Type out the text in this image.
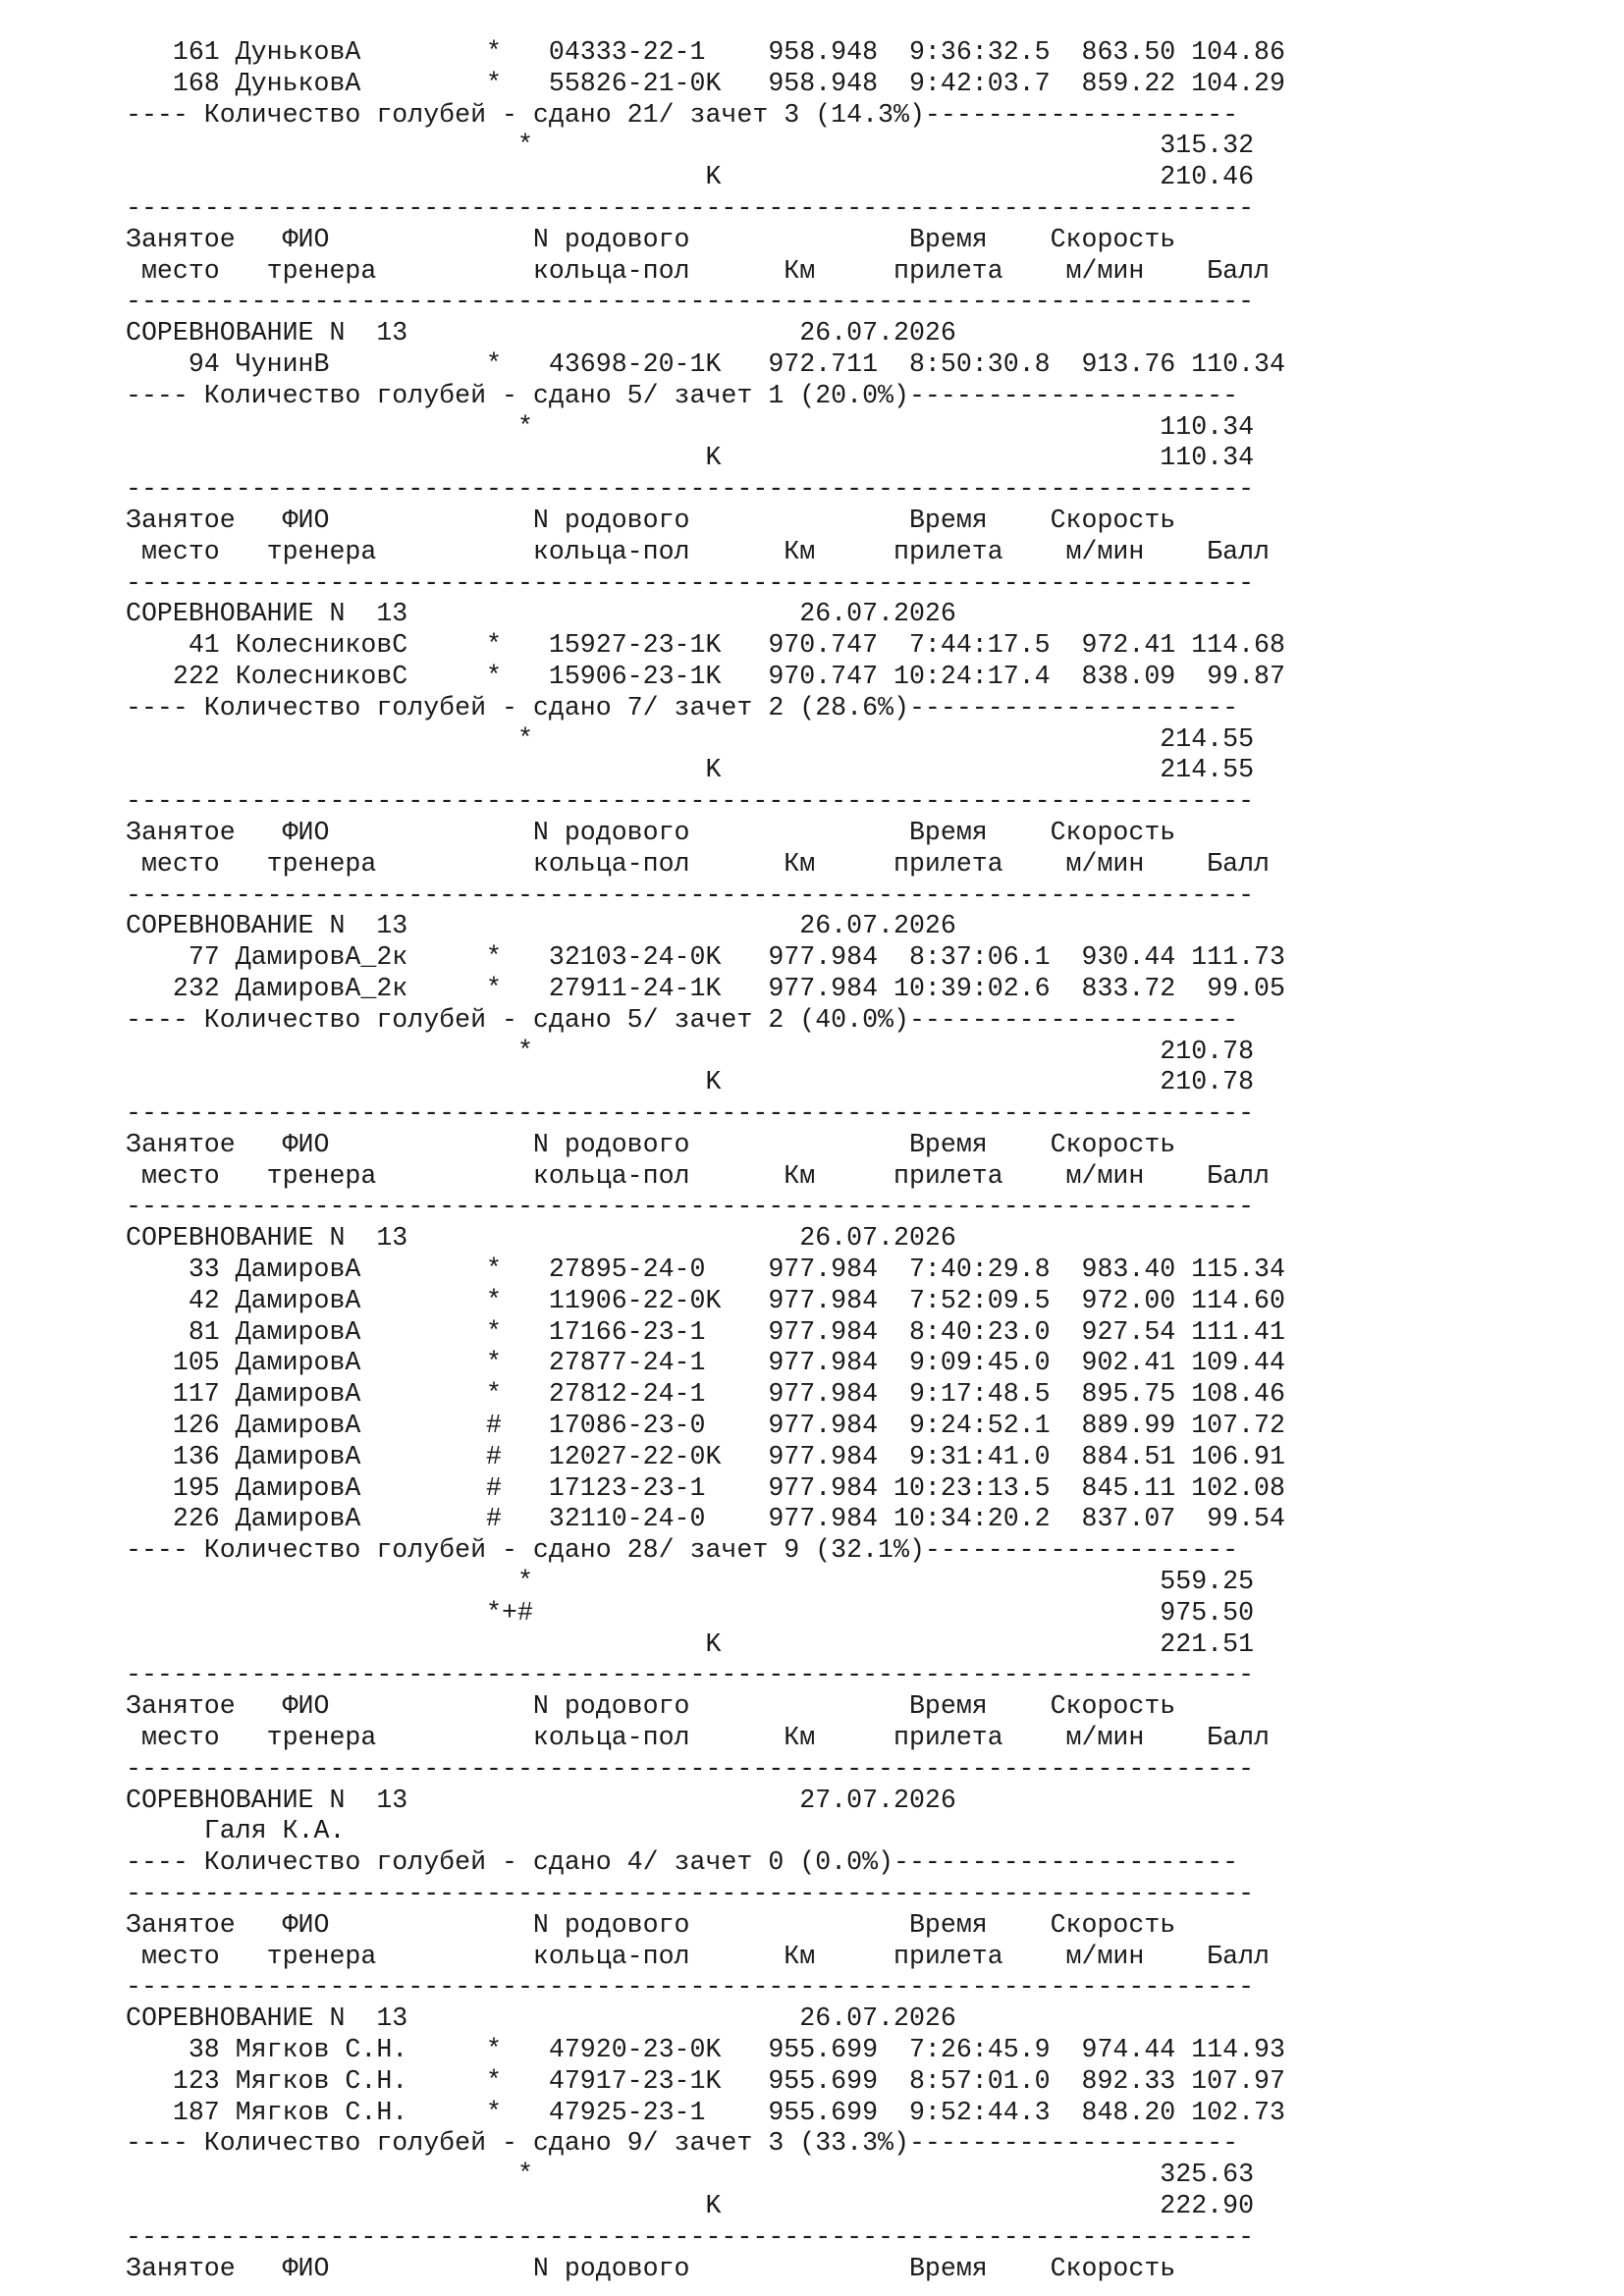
161 ДуньковА        *   04333-22-1    958.948  9:36:32.5  863.50 104.86
168 ДуньковА        *   55826-21-0K   958.948  9:42:03.7  859.22 104.29
---- Количество голубей - сдано 21/ зачет 3 (14.3%)--------------------
*                                        315.32
K                            210.46
------------------------------------------------------------------------
Занятое   ФИО             N родового              Время    Скорость
место   тренера          кольца-пол      Км     прилета    м/мин    Балл
------------------------------------------------------------------------
СОРЕВНОВАНИЕ N  13                         26.07.2026
94 ЧунинВ          *   43698-20-1K   972.711  8:50:30.8  913.76 110.34
---- Количество голубей - сдано 5/ зачет 1 (20.0%)---------------------
*                                        110.34
K                            110.34
------------------------------------------------------------------------
Занятое   ФИО             N родового              Время    Скорость
место   тренера          кольца-пол      Км     прилета    м/мин    Балл
------------------------------------------------------------------------
СОРЕВНОВАНИЕ N  13                         26.07.2026
41 КолесниковС     *   15927-23-1K   970.747  7:44:17.5  972.41 114.68
222 КолесниковС     *   15906-23-1K   970.747 10:24:17.4  838.09  99.87
---- Количество голубей - сдано 7/ зачет 2 (28.6%)---------------------
*                                        214.55
K                            214.55
------------------------------------------------------------------------
Занятое   ФИО             N родового              Время    Скорость
место   тренера          кольца-пол      Км     прилета    м/мин    Балл
------------------------------------------------------------------------
СОРЕВНОВАНИЕ N  13                         26.07.2026
77 ДамировА_2к     *   32103-24-0K   977.984  8:37:06.1  930.44 111.73
232 ДамировА_2к     *   27911-24-1K   977.984 10:39:02.6  833.72  99.05
---- Количество голубей - сдано 5/ зачет 2 (40.0%)---------------------
*                                        210.78
K                            210.78
------------------------------------------------------------------------
Занятое   ФИО             N родового              Время    Скорость
место   тренера          кольца-пол      Км     прилета    м/мин    Балл
------------------------------------------------------------------------
СОРЕВНОВАНИЕ N  13                         26.07.2026
33 ДамировА        *   27895-24-0    977.984  7:40:29.8  983.40 115.34
42 ДамировА        *   11906-22-0K   977.984  7:52:09.5  972.00 114.60
81 ДамировА        *   17166-23-1    977.984  8:40:23.0  927.54 111.41
105 ДамировА        *   27877-24-1    977.984  9:09:45.0  902.41 109.44
117 ДамировА        *   27812-24-1    977.984  9:17:48.5  895.75 108.46
126 ДамировА        #   17086-23-0    977.984  9:24:52.1  889.99 107.72
136 ДамировА        #   12027-22-0K   977.984  9:31:41.0  884.51 106.91
195 ДамировА        #   17123-23-1    977.984 10:23:13.5  845.11 102.08
226 ДамировА        #   32110-24-0    977.984 10:34:20.2  837.07  99.54
---- Количество голубей - сдано 28/ зачет 9 (32.1%)--------------------
*                                        559.25
*+#                                        975.50
K                            221.51
------------------------------------------------------------------------
Занятое   ФИО             N родового              Время    Скорость
место   тренера          кольца-пол      Км     прилета    м/мин    Балл
------------------------------------------------------------------------
СОРЕВНОВАНИЕ N  13                         27.07.2026
Галя К.А.
---- Количество голубей - сдано 4/ зачет 0 (0.0%)----------------------
------------------------------------------------------------------------
Занятое   ФИО             N родового              Время    Скорость
место   тренера          кольца-пол      Км     прилета    м/мин    Балл
------------------------------------------------------------------------
СОРЕВНОВАНИЕ N  13                         26.07.2026
38 Мягков С.Н.     *   47920-23-0K   955.699  7:26:45.9  974.44 114.93
123 Мягков С.Н.     *   47917-23-1K   955.699  8:57:01.0  892.33 107.97
187 Мягков С.Н.     *   47925-23-1    955.699  9:52:44.3  848.20 102.73
---- Количество голубей - сдано 9/ зачет 3 (33.3%)---------------------
*                                        325.63
K                            222.90
------------------------------------------------------------------------
Занятое   ФИО             N родового              Время    Скорость
